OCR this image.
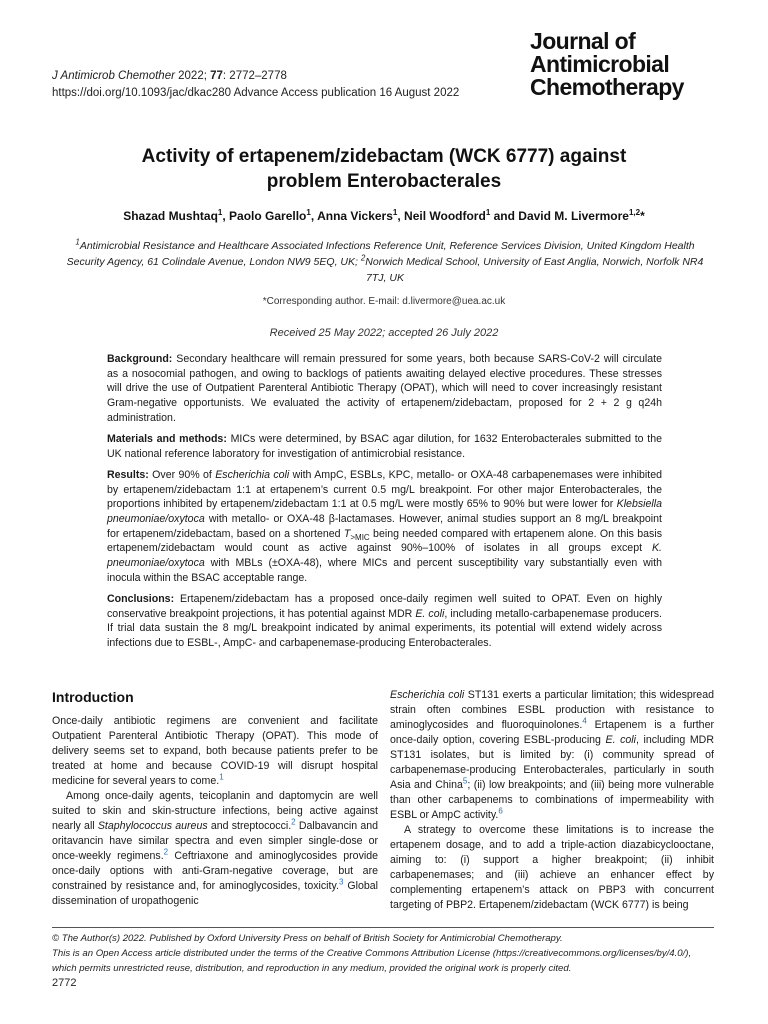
J Antimicrob Chemother 2022; 77: 2772–2778
https://doi.org/10.1093/jac/dkac280 Advance Access publication 16 August 2022
Journal of
Antimicrobial
Chemotherapy
Activity of ertapenem/zidebactam (WCK 6777) against
problem Enterobacterales
Shazad Mushtaq$^1$, Paolo Garello$^1$, Anna Vickers$^1$, Neil Woodford$^1$ and David M. Livermore$^{1,2}$*
$^1$Antimicrobial Resistance and Healthcare Associated Infections Reference Unit, Reference Services Division, United Kingdom Health Security Agency, 61 Colindale Avenue, London NW9 5EQ, UK; $^2$Norwich Medical School, University of East Anglia, Norwich, Norfolk NR4 7TJ, UK
*Corresponding author. E-mail: d.livermore@uea.ac.uk
Received 25 May 2022; accepted 26 July 2022

Background: Secondary healthcare will remain pressured for some years, both because SARS-CoV-2 will circulate as a nosocomial pathogen, and owing to backlogs of patients awaiting delayed elective procedures. These stresses will drive the use of Outpatient Parenteral Antibiotic Therapy (OPAT), which will need to cover increasingly resistant Gram-negative opportunists. We evaluated the activity of ertapenem/zidebactam, proposed for 2 + 2 g q24h administration.

Materials and methods: MICs were determined, by BSAC agar dilution, for 1632 Enterobacterales submitted to the UK national reference laboratory for investigation of antimicrobial resistance.

Results: Over 90% of Escherichia coli with AmpC, ESBLs, KPC, metallo- or OXA-48 carbapenemases were inhibited by ertapenem/zidebactam 1:1 at ertapenem’s current 0.5 mg/L breakpoint. For other major Enterobacterales, the proportions inhibited by ertapenem/zidebactam 1:1 at 0.5 mg/L were mostly 65% to 90% but were lower for Klebsiella pneumoniae/oxytoca with metallo- or OXA-48 β-lactamases. However, animal studies support an 8 mg/L breakpoint for ertapenem/zidebactam, based on a shortened $T_{>MIC}$ being needed compared with ertapenem alone. On this basis ertapenem/zidebactam would count as active against 90%–100% of isolates in all groups except K. pneumoniae/oxytoca with MBLs (±OXA-48), where MICs and percent susceptibility vary substantially even with inocula within the BSAC acceptable range.

Conclusions: Ertapenem/zidebactam has a proposed once-daily regimen well suited to OPAT. Even on highly conservative breakpoint projections, it has potential against MDR E. coli, including metallo-carbapenemase producers. If trial data sustain the 8 mg/L breakpoint indicated by animal experiments, its potential will extend widely across infections due to ESBL-, AmpC- and carbapenemase-producing Enterobacterales.

Introduction

Once-daily antibiotic regimens are convenient and facilitate Outpatient Parenteral Antibiotic Therapy (OPAT). This mode of delivery seems set to expand, both because patients prefer to be treated at home and because COVID-19 will disrupt hospital medicine for several years to come.$^1$

Among once-daily agents, teicoplanin and daptomycin are well suited to skin and skin-structure infections, being active against nearly all Staphylococcus aureus and streptococci.$^2$ Dalbavancin and oritavancin have similar spectra and even simpler single-dose or once-weekly regimens.$^2$ Ceftriaxone and aminoglycosides provide once-daily options with anti-Gram-negative coverage, but are constrained by resistance and, for aminoglycosides, toxicity.$^3$ Global dissemination of uropathogenic

Escherichia coli ST131 exerts a particular limitation; this widespread strain often combines ESBL production with resistance to aminoglycosides and fluoroquinolones.$^4$ Ertapenem is a further once-daily option, covering ESBL-producing E. coli, including MDR ST131 isolates, but is limited by: (i) community spread of carbapenemase-producing Enterobacterales, particularly in south Asia and China$^5$; (ii) low breakpoints; and (iii) being more vulnerable than other carbapenems to combinations of impermeability with ESBL or AmpC activity.$^6$

A strategy to overcome these limitations is to increase the ertapenem dosage, and to add a triple-action diazabicyclooctane, aiming to: (i) support a higher breakpoint; (ii) inhibit carbapenemases; and (iii) achieve an enhancer effect by complementing ertapenem’s attack on PBP3 with concurrent targeting of PBP2. Ertapenem/zidebactam (WCK 6777) is being

© The Author(s) 2022. Published by Oxford University Press on behalf of British Society for Antimicrobial Chemotherapy.
This is an Open Access article distributed under the terms of the Creative Commons Attribution License (https://creativecommons.org/licenses/by/4.0/), which permits unrestricted reuse, distribution, and reproduction in any medium, provided the original work is properly cited.
2772
